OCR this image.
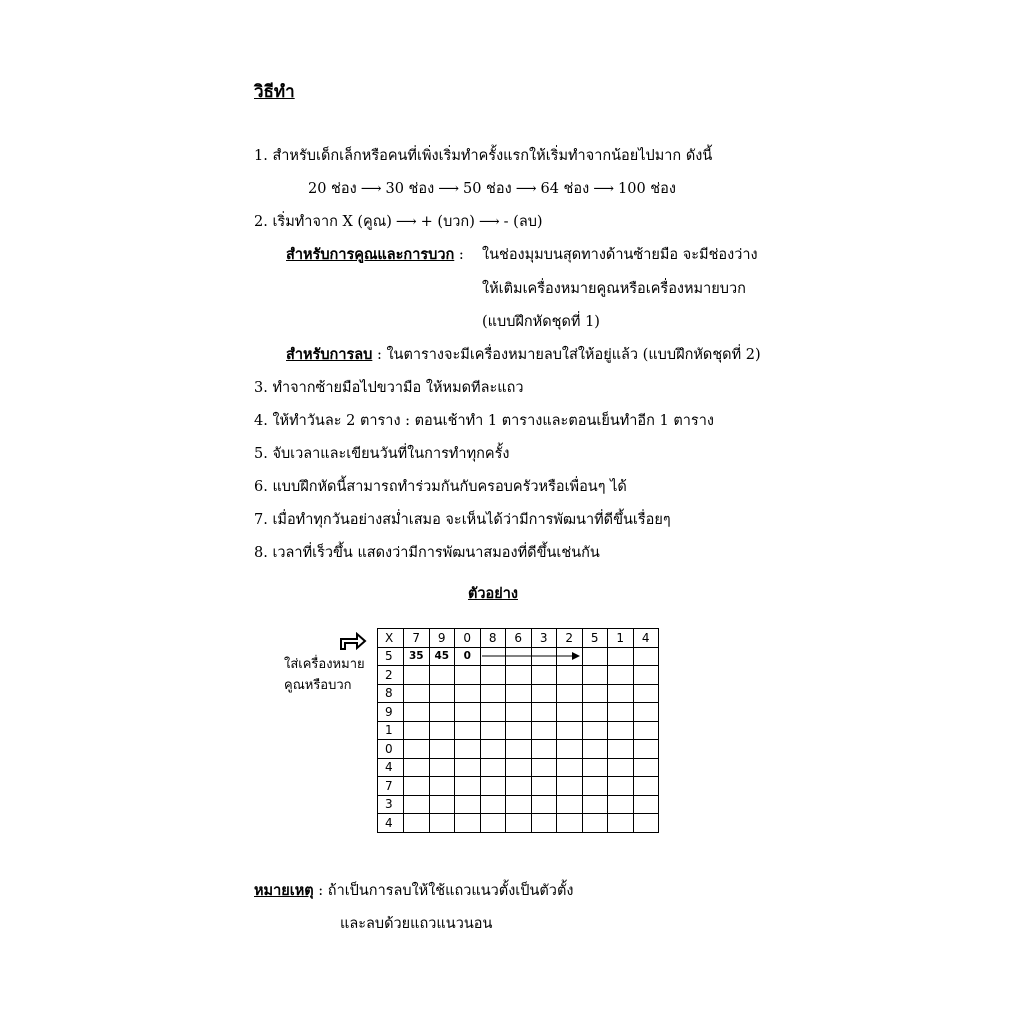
วิธีทำ
1. สำหรับเด็กเล็กหรือคนที่เพิ่งเริ่มทำครั้งแรกให้เริ่มทำจากน้อยไปมาก ดังนี้
20 ช่อง ⟶ 30 ช่อง ⟶ 50 ช่อง ⟶ 64 ช่อง ⟶ 100 ช่อง
2. เริ่มทำจาก X (คูณ) ⟶ + (บวก) ⟶ - (ลบ)
สำหรับการคูณและการบวก : ในช่องมุมบนสุดทางด้านซ้ายมือ จะมีช่องว่าง
ให้เติมเครื่องหมายคูณหรือเครื่องหมายบวก
(แบบฝึกหัดชุดที่ 1)
สำหรับการลบ : ในตารางจะมีเครื่องหมายลบใส่ให้อยู่แล้ว (แบบฝึกหัดชุดที่ 2)
3. ทำจากซ้ายมือไปขวามือ ให้หมดทีละแถว
4. ให้ทำวันละ 2 ตาราง : ตอนเช้าทำ 1 ตารางและตอนเย็นทำอีก 1 ตาราง
5. จับเวลาและเขียนวันที่ในการทำทุกครั้ง
6. แบบฝึกหัดนี้สามารถทำร่วมกันกับครอบครัวหรือเพื่อนๆ ได้
7. เมื่อทำทุกวันอย่างสม่ำเสมอ จะเห็นได้ว่ามีการพัฒนาที่ดีขึ้นเรื่อยๆ
8. เวลาที่เร็วขึ้น แสดงว่ามีการพัฒนาสมองที่ดีขึ้นเช่นกัน
ตัวอย่าง
ใส่เครื่องหมาย
คูณหรือบวก
X	7	9	0	8	6	3	2	5	1	4
5	35	45	0							
2										
8										
9										
1										
0										
4										
7										
3										
4										
หมายเหตุ : ถ้าเป็นการลบให้ใช้แถวแนวตั้งเป็นตัวตั้ง
และลบด้วยแถวแนวนอน
